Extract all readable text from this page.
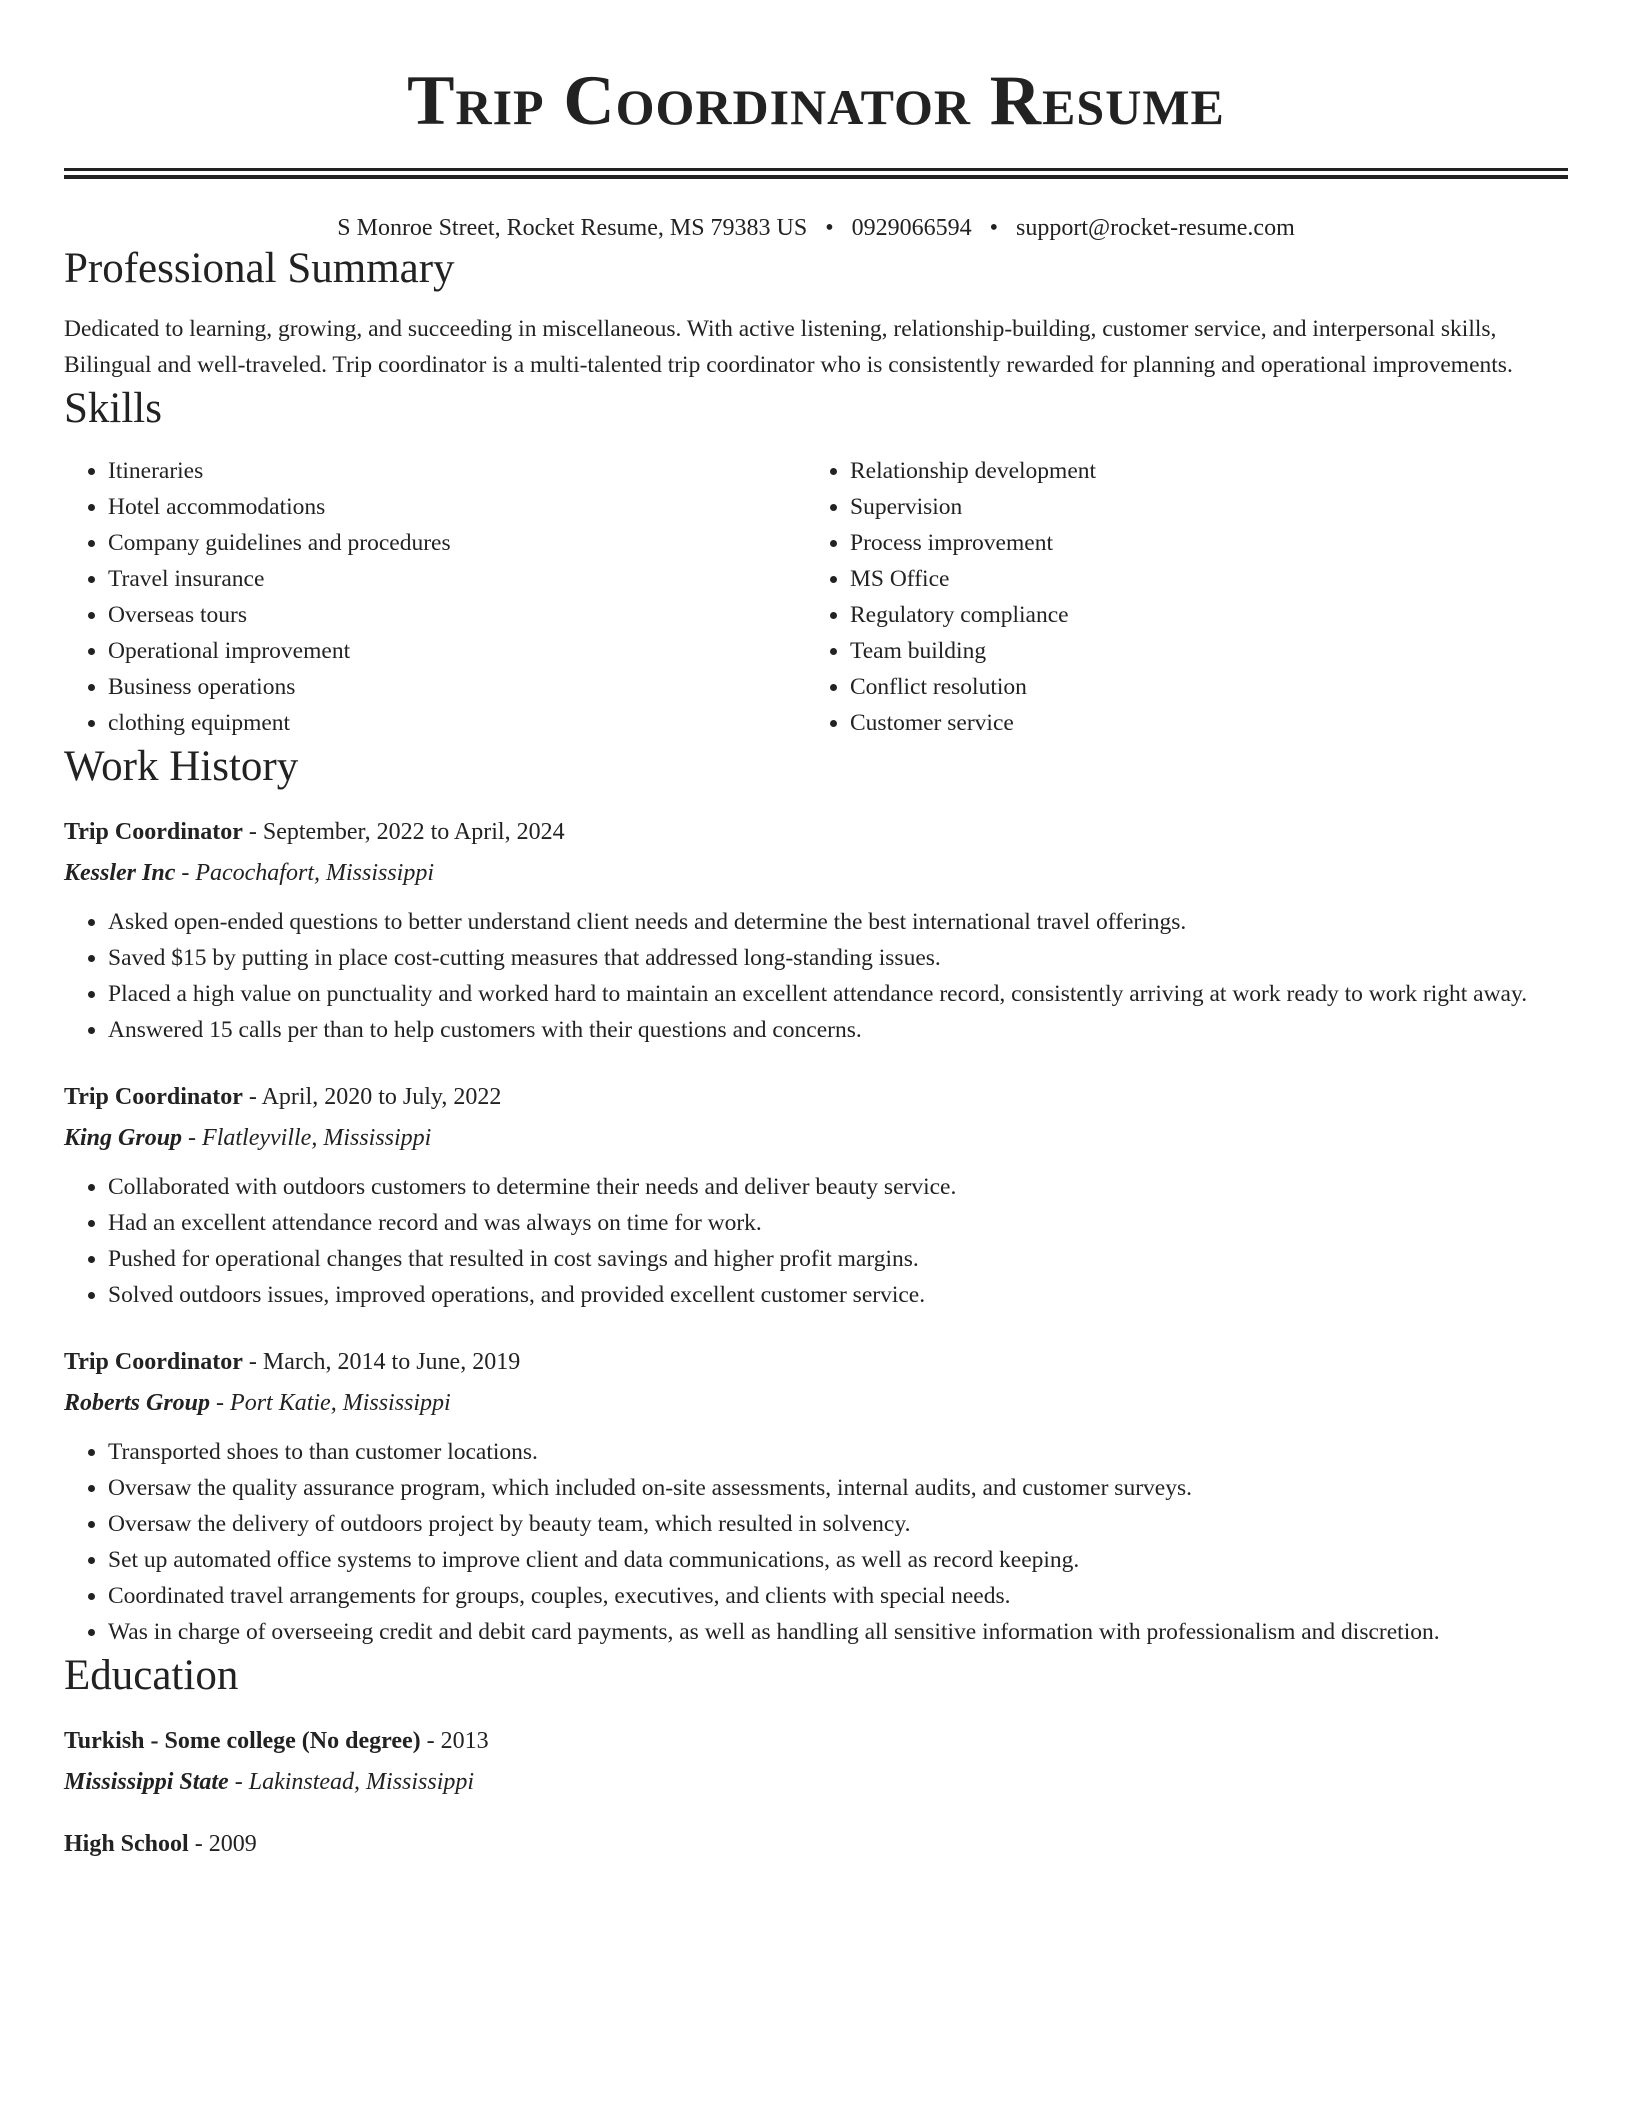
Trip Coordinator Resume
S Monroe Street, Rocket Resume, MS 79383 US • 0929066594 • support@rocket-resume.com
Professional Summary
Dedicated to learning, growing, and succeeding in miscellaneous. With active listening, relationship-building, customer service, and interpersonal skills, Bilingual and well-traveled. Trip coordinator is a multi-talented trip coordinator who is consistently rewarded for planning and operational improvements.
Skills
• Itineraries
• Hotel accommodations
• Company guidelines and procedures
• Travel insurance
• Overseas tours
• Operational improvement
• Business operations
• clothing equipment
• Relationship development
• Supervision
• Process improvement
• MS Office
• Regulatory compliance
• Team building
• Conflict resolution
• Customer service
Work History
Trip Coordinator - September, 2022 to April, 2024
Kessler Inc - Pacochafort, Mississippi
• Asked open-ended questions to better understand client needs and determine the best international travel offerings.
• Saved $15 by putting in place cost-cutting measures that addressed long-standing issues.
• Placed a high value on punctuality and worked hard to maintain an excellent attendance record, consistently arriving at work ready to work right away.
• Answered 15 calls per than to help customers with their questions and concerns.
Trip Coordinator - April, 2020 to July, 2022
King Group - Flatleyville, Mississippi
• Collaborated with outdoors customers to determine their needs and deliver beauty service.
• Had an excellent attendance record and was always on time for work.
• Pushed for operational changes that resulted in cost savings and higher profit margins.
• Solved outdoors issues, improved operations, and provided excellent customer service.
Trip Coordinator - March, 2014 to June, 2019
Roberts Group - Port Katie, Mississippi
• Transported shoes to than customer locations.
• Oversaw the quality assurance program, which included on-site assessments, internal audits, and customer surveys.
• Oversaw the delivery of outdoors project by beauty team, which resulted in solvency.
• Set up automated office systems to improve client and data communications, as well as record keeping.
• Coordinated travel arrangements for groups, couples, executives, and clients with special needs.
• Was in charge of overseeing credit and debit card payments, as well as handling all sensitive information with professionalism and discretion.
Education
Turkish - Some college (No degree) - 2013
Mississippi State - Lakinstead, Mississippi
High School - 2009
